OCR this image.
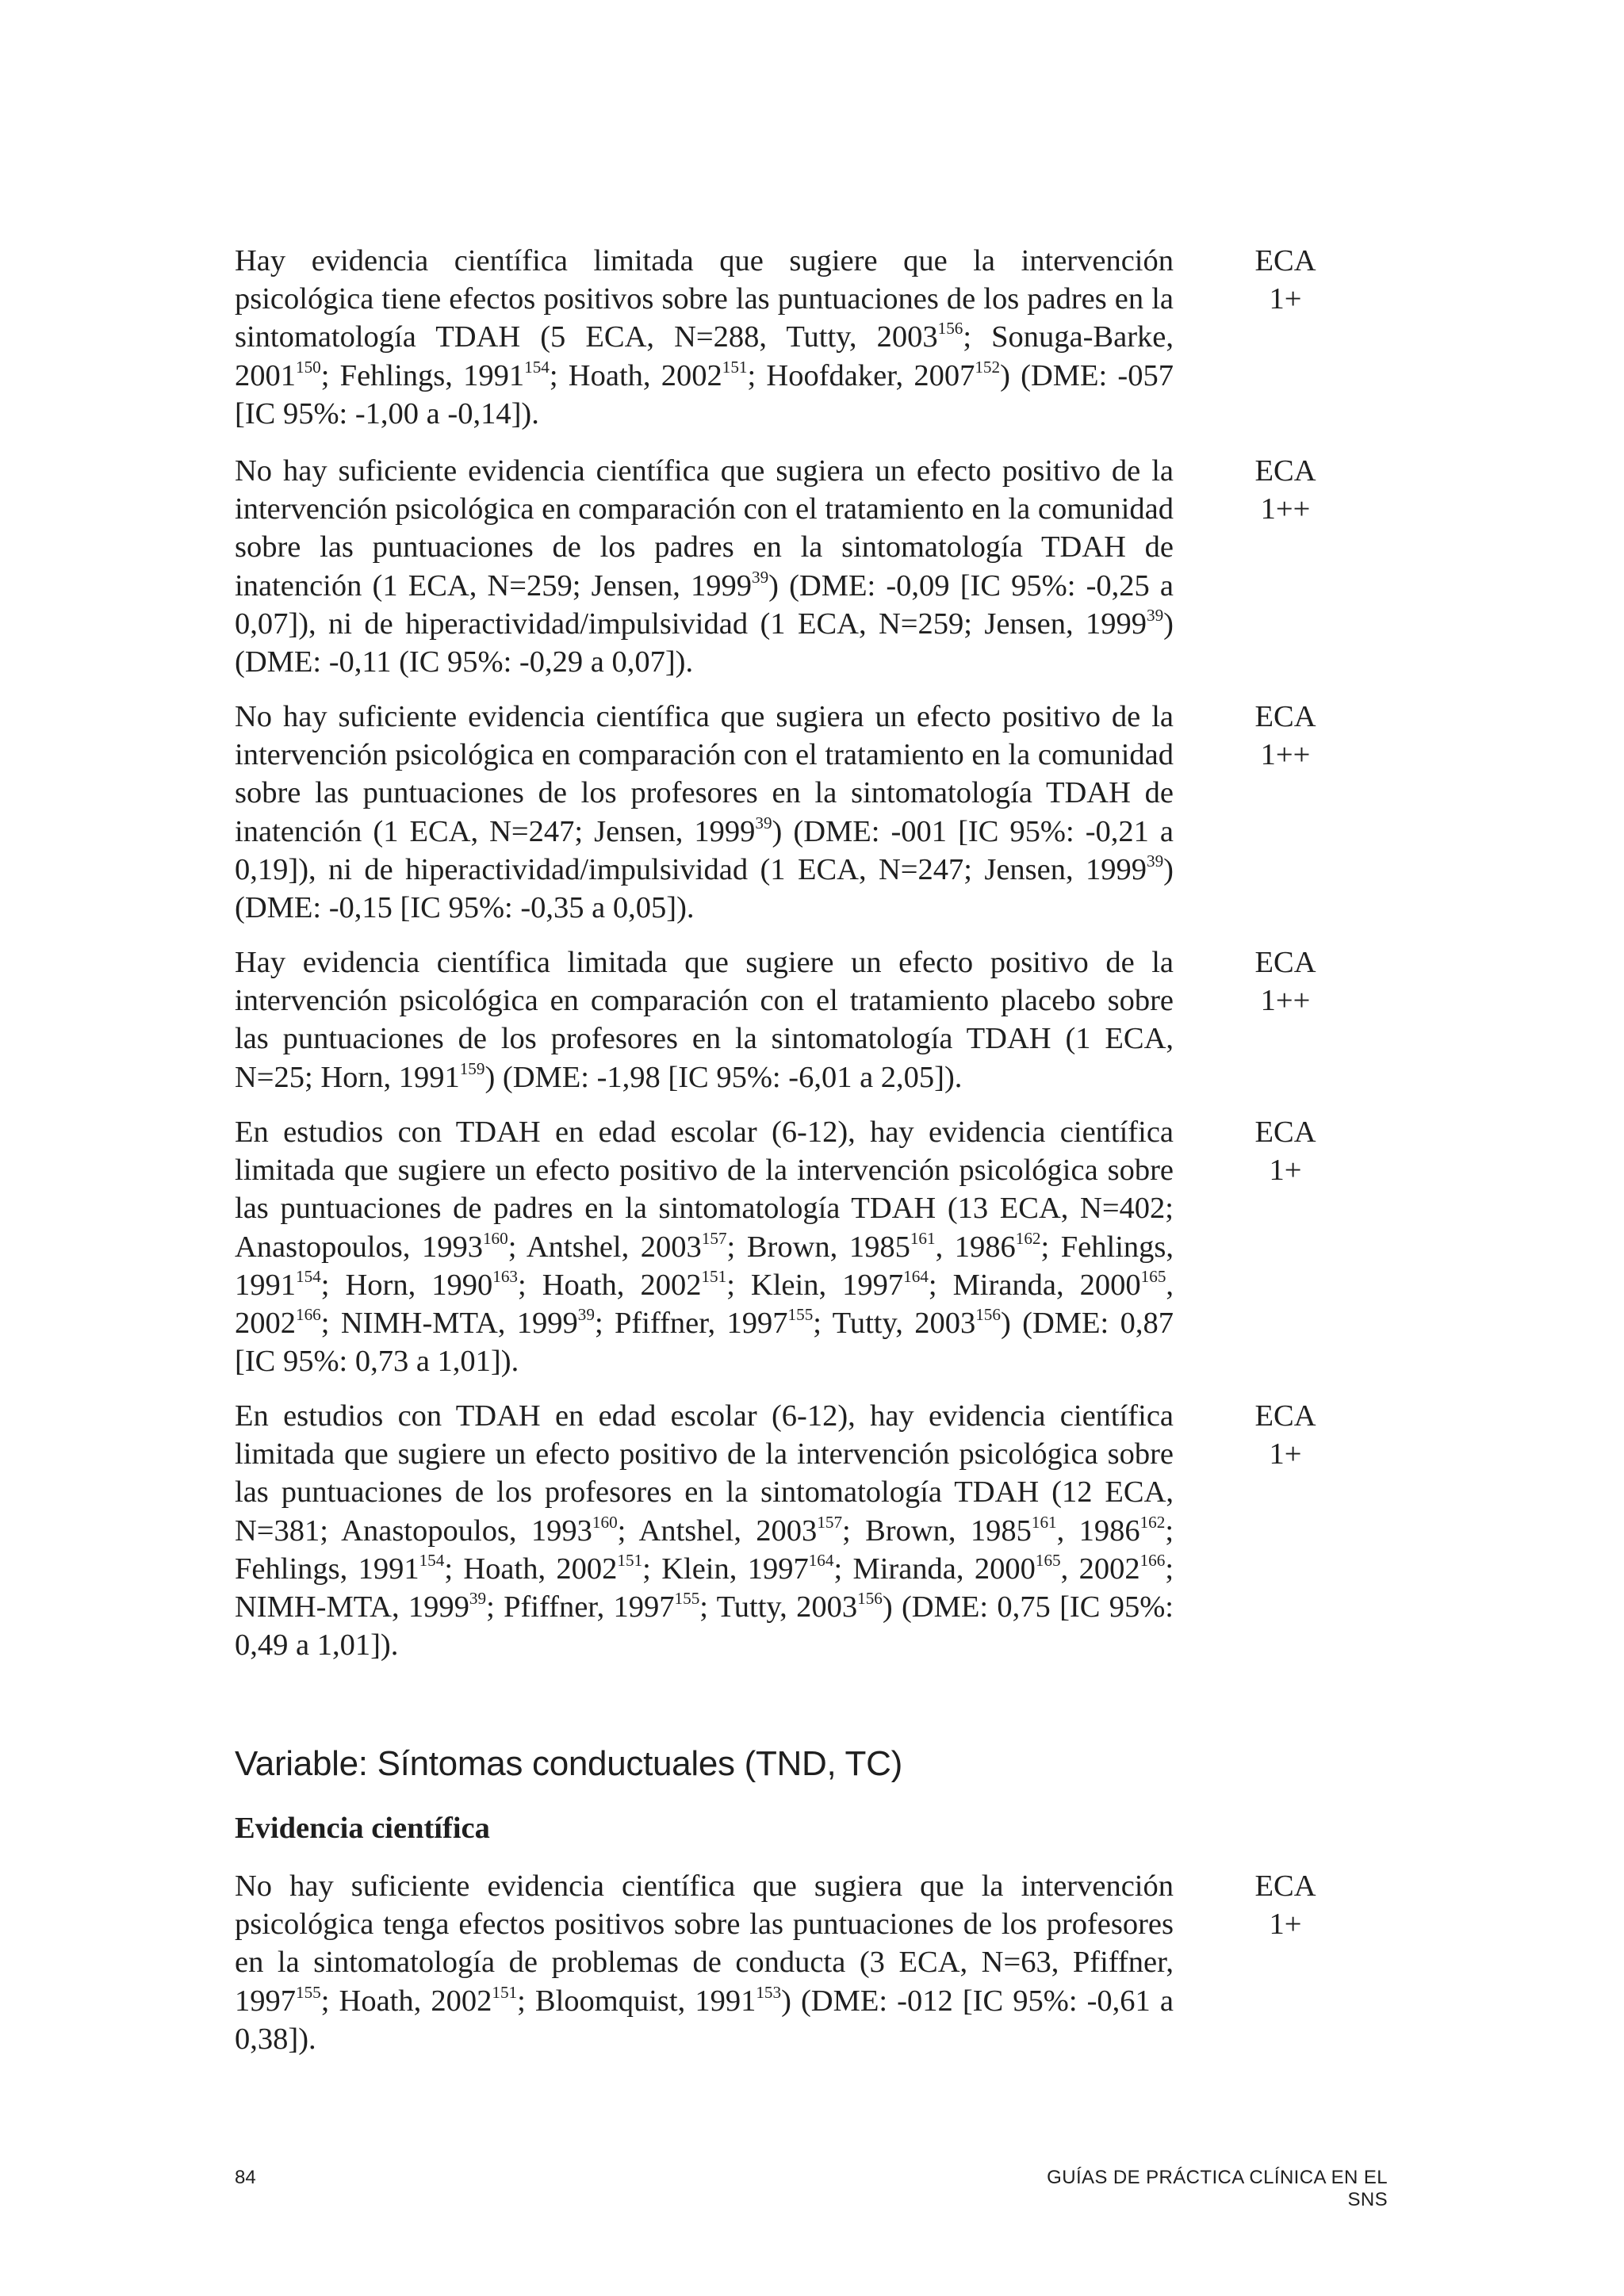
Hay evidencia científica limitada que sugiere que la intervención psicológica tiene efectos positivos sobre las puntuaciones de los padres en la sintomatología TDAH (5 ECA, N=288, Tutty, 2003$^{156}$; Sonuga-Barke, 2001$^{150}$; Fehlings, 1991$^{154}$; Hoath, 2002$^{151}$; Hoofdaker, 2007$^{152}$) (DME: -057 [IC 95%: -1,00 a -0,14]).

ECA
1+

No hay suficiente evidencia científica que sugiera un efecto positivo de la intervención psicológica en comparación con el tratamiento en la comunidad sobre las puntuaciones de los padres en la sintomatología TDAH de inatención (1 ECA, N=259; Jensen, 1999$^{39}$) (DME: -0,09 [IC 95%: -0,25 a 0,07]), ni de hiperactividad/impulsividad (1 ECA, N=259; Jensen, 1999$^{39}$) (DME: -0,11 (IC 95%: -0,29 a 0,07]).

ECA
1++

No hay suficiente evidencia científica que sugiera un efecto positivo de la intervención psicológica en comparación con el tratamiento en la comunidad sobre las puntuaciones de los profesores en la sintomatología TDAH de inatención (1 ECA, N=247; Jensen, 1999$^{39}$) (DME: -001 [IC 95%: -0,21 a 0,19]), ni de hiperactividad/impulsividad (1 ECA, N=247; Jensen, 1999$^{39}$) (DME: -0,15 [IC 95%: -0,35 a 0,05]).

ECA
1++

Hay evidencia científica limitada que sugiere un efecto positivo de la intervención psicológica en comparación con el tratamiento placebo sobre las puntuaciones de los profesores en la sintomatología TDAH (1 ECA, N=25; Horn, 1991$^{159}$) (DME: -1,98 [IC 95%: -6,01 a 2,05]).

ECA
1++

En estudios con TDAH en edad escolar (6-12), hay evidencia científica limitada que sugiere un efecto positivo de la intervención psicológica sobre las puntuaciones de padres en la sintomatología TDAH (13 ECA, N=402; Anastopoulos, 1993$^{160}$; Antshel, 2003$^{157}$; Brown, 1985$^{161}$, 1986$^{162}$; Fehlings, 1991$^{154}$; Horn, 1990$^{163}$; Hoath, 2002$^{151}$; Klein, 1997$^{164}$; Miranda, 2000$^{165}$, 2002$^{166}$; NIMH-MTA, 1999$^{39}$; Pfiffner, 1997$^{155}$; Tutty, 2003$^{156}$) (DME: 0,87 [IC 95%: 0,73 a 1,01]).

ECA
1+

En estudios con TDAH en edad escolar (6-12), hay evidencia científica limitada que sugiere un efecto positivo de la intervención psicológica sobre las puntuaciones de los profesores en la sintomatología TDAH (12 ECA, N=381; Anastopoulos, 1993$^{160}$; Antshel, 2003$^{157}$; Brown, 1985$^{161}$, 1986$^{162}$; Fehlings, 1991$^{154}$; Hoath, 2002$^{151}$; Klein, 1997$^{164}$; Miranda, 2000$^{165}$, 2002$^{166}$; NIMH-MTA, 1999$^{39}$; Pfiffner, 1997$^{155}$; Tutty, 2003$^{156}$) (DME: 0,75 [IC 95%: 0,49 a 1,01]).

ECA
1+
Variable: Síntomas conductuales (TND, TC)
Evidencia científica

No hay suficiente evidencia científica que sugiera que la intervención psicológica tenga efectos positivos sobre las puntuaciones de los profesores en la sintomatología de problemas de conducta (3 ECA, N=63, Pfiffner, 1997$^{155}$; Hoath, 2002$^{151}$; Bloomquist, 1991$^{153}$) (DME: -012 [IC 95%: -0,61 a 0,38]).

ECA
1+
84	GUÍAS DE PRÁCTICA CLÍNICA EN EL SNS
